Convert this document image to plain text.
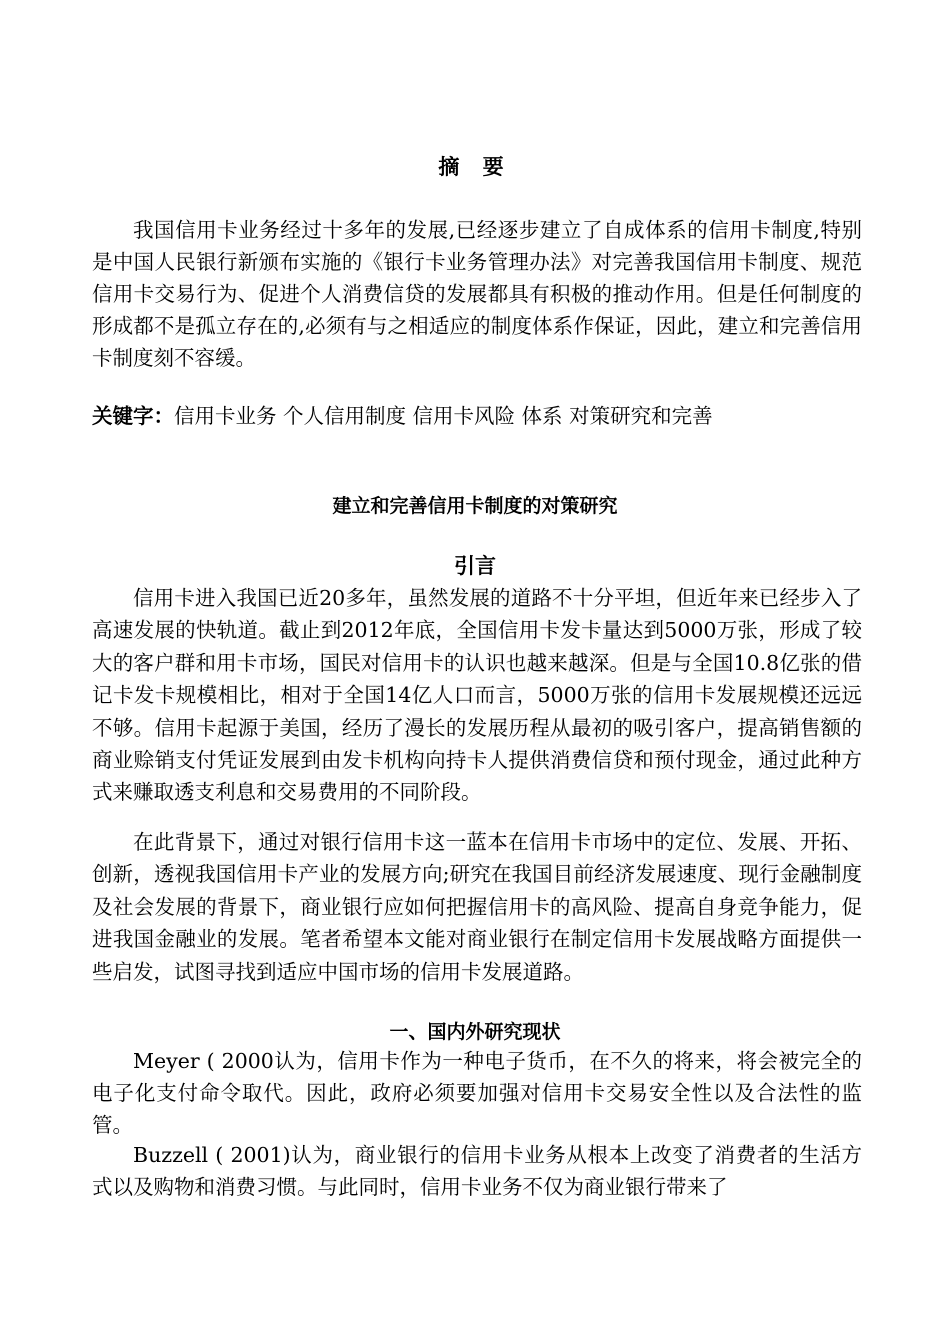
摘 要

我国信用卡业务经过十多年的发展,已经逐步建立了自成体系的信用卡制度,特别是中国人民银行新颁布实施的《银行卡业务管理办法》对完善我国信用卡制度、规范信用卡交易行为、促进个人消费信贷的发展都具有积极的推动作用。但是任何制度的形成都不是孤立存在的,必须有与之相适应的制度体系作保证，因此，建立和完善信用卡制度刻不容缓。

关键字：信用卡业务 个人信用制度 信用卡风险 体系 对策研究和完善

建立和完善信用卡制度的对策研究
引言

信用卡进入我国已近20多年，虽然发展的道路不十分平坦，但近年来已经步入了高速发展的快轨道。截止到2012年底，全国信用卡发卡量达到5000万张，形成了较大的客户群和用卡市场，国民对信用卡的认识也越来越深。但是与全国10.8亿张的借记卡发卡规模相比，相对于全国14亿人口而言，5000万张的信用卡发展规模还远远不够。信用卡起源于美国，经历了漫长的发展历程从最初的吸引客户，提高销售额的商业赊销支付凭证发展到由发卡机构向持卡人提供消费信贷和预付现金，通过此种方式来赚取透支利息和交易费用的不同阶段。

在此背景下，通过对银行信用卡这一蓝本在信用卡市场中的定位、发展、开拓、创新，透视我国信用卡产业的发展方向;研究在我国目前经济发展速度、现行金融制度及社会发展的背景下，商业银行应如何把握信用卡的高风险、提高自身竞争能力，促进我国金融业的发展。笔者希望本文能对商业银行在制定信用卡发展战略方面提供一些启发，试图寻找到适应中国市场的信用卡发展道路。

一、国内外研究现状

Meyer ( 2000认为，信用卡作为一种电子货币，在不久的将来，将会被完全的电子化支付命令取代。因此，政府必须要加强对信用卡交易安全性以及合法性的监管。

Buzzell ( 2001)认为，商业银行的信用卡业务从根本上改变了消费者的生活方式以及购物和消费习惯。与此同时，信用卡业务不仅为商业银行带来了
